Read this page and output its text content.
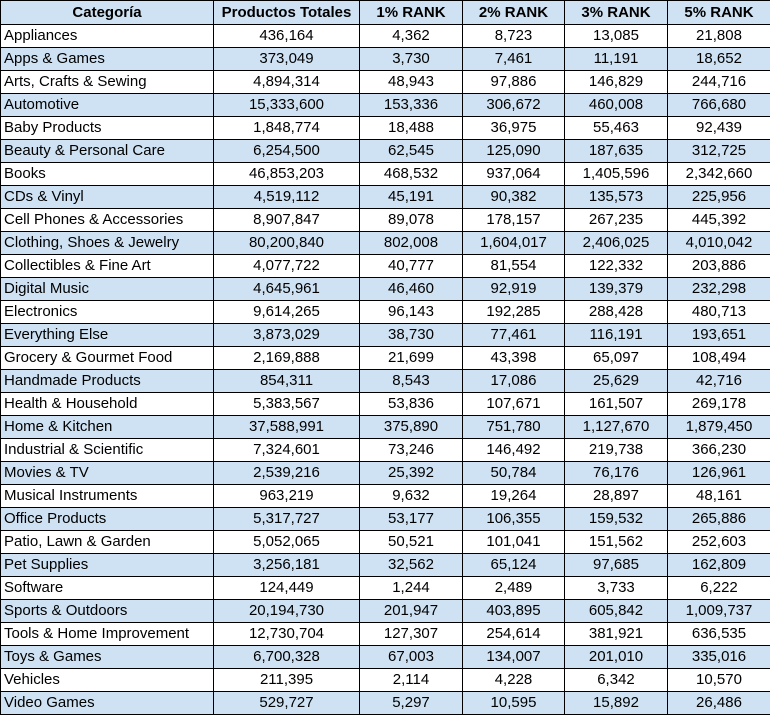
Categoría	Productos Totales	1% RANK	2% RANK	3% RANK	5% RANK
Appliances	436,164	4,362	8,723	13,085	21,808
Apps & Games	373,049	3,730	7,461	11,191	18,652
Arts, Crafts & Sewing	4,894,314	48,943	97,886	146,829	244,716
Automotive	15,333,600	153,336	306,672	460,008	766,680
Baby Products	1,848,774	18,488	36,975	55,463	92,439
Beauty & Personal Care	6,254,500	62,545	125,090	187,635	312,725
Books	46,853,203	468,532	937,064	1,405,596	2,342,660
CDs & Vinyl	4,519,112	45,191	90,382	135,573	225,956
Cell Phones & Accessories	8,907,847	89,078	178,157	267,235	445,392
Clothing, Shoes & Jewelry	80,200,840	802,008	1,604,017	2,406,025	4,010,042
Collectibles & Fine Art	4,077,722	40,777	81,554	122,332	203,886
Digital Music	4,645,961	46,460	92,919	139,379	232,298
Electronics	9,614,265	96,143	192,285	288,428	480,713
Everything Else	3,873,029	38,730	77,461	116,191	193,651
Grocery & Gourmet Food	2,169,888	21,699	43,398	65,097	108,494
Handmade Products	854,311	8,543	17,086	25,629	42,716
Health & Household	5,383,567	53,836	107,671	161,507	269,178
Home & Kitchen	37,588,991	375,890	751,780	1,127,670	1,879,450
Industrial & Scientific	7,324,601	73,246	146,492	219,738	366,230
Movies & TV	2,539,216	25,392	50,784	76,176	126,961
Musical Instruments	963,219	9,632	19,264	28,897	48,161
Office Products	5,317,727	53,177	106,355	159,532	265,886
Patio, Lawn & Garden	5,052,065	50,521	101,041	151,562	252,603
Pet Supplies	3,256,181	32,562	65,124	97,685	162,809
Software	124,449	1,244	2,489	3,733	6,222
Sports & Outdoors	20,194,730	201,947	403,895	605,842	1,009,737
Tools & Home Improvement	12,730,704	127,307	254,614	381,921	636,535
Toys & Games	6,700,328	67,003	134,007	201,010	335,016
Vehicles	211,395	2,114	4,228	6,342	10,570
Video Games	529,727	5,297	10,595	15,892	26,486
